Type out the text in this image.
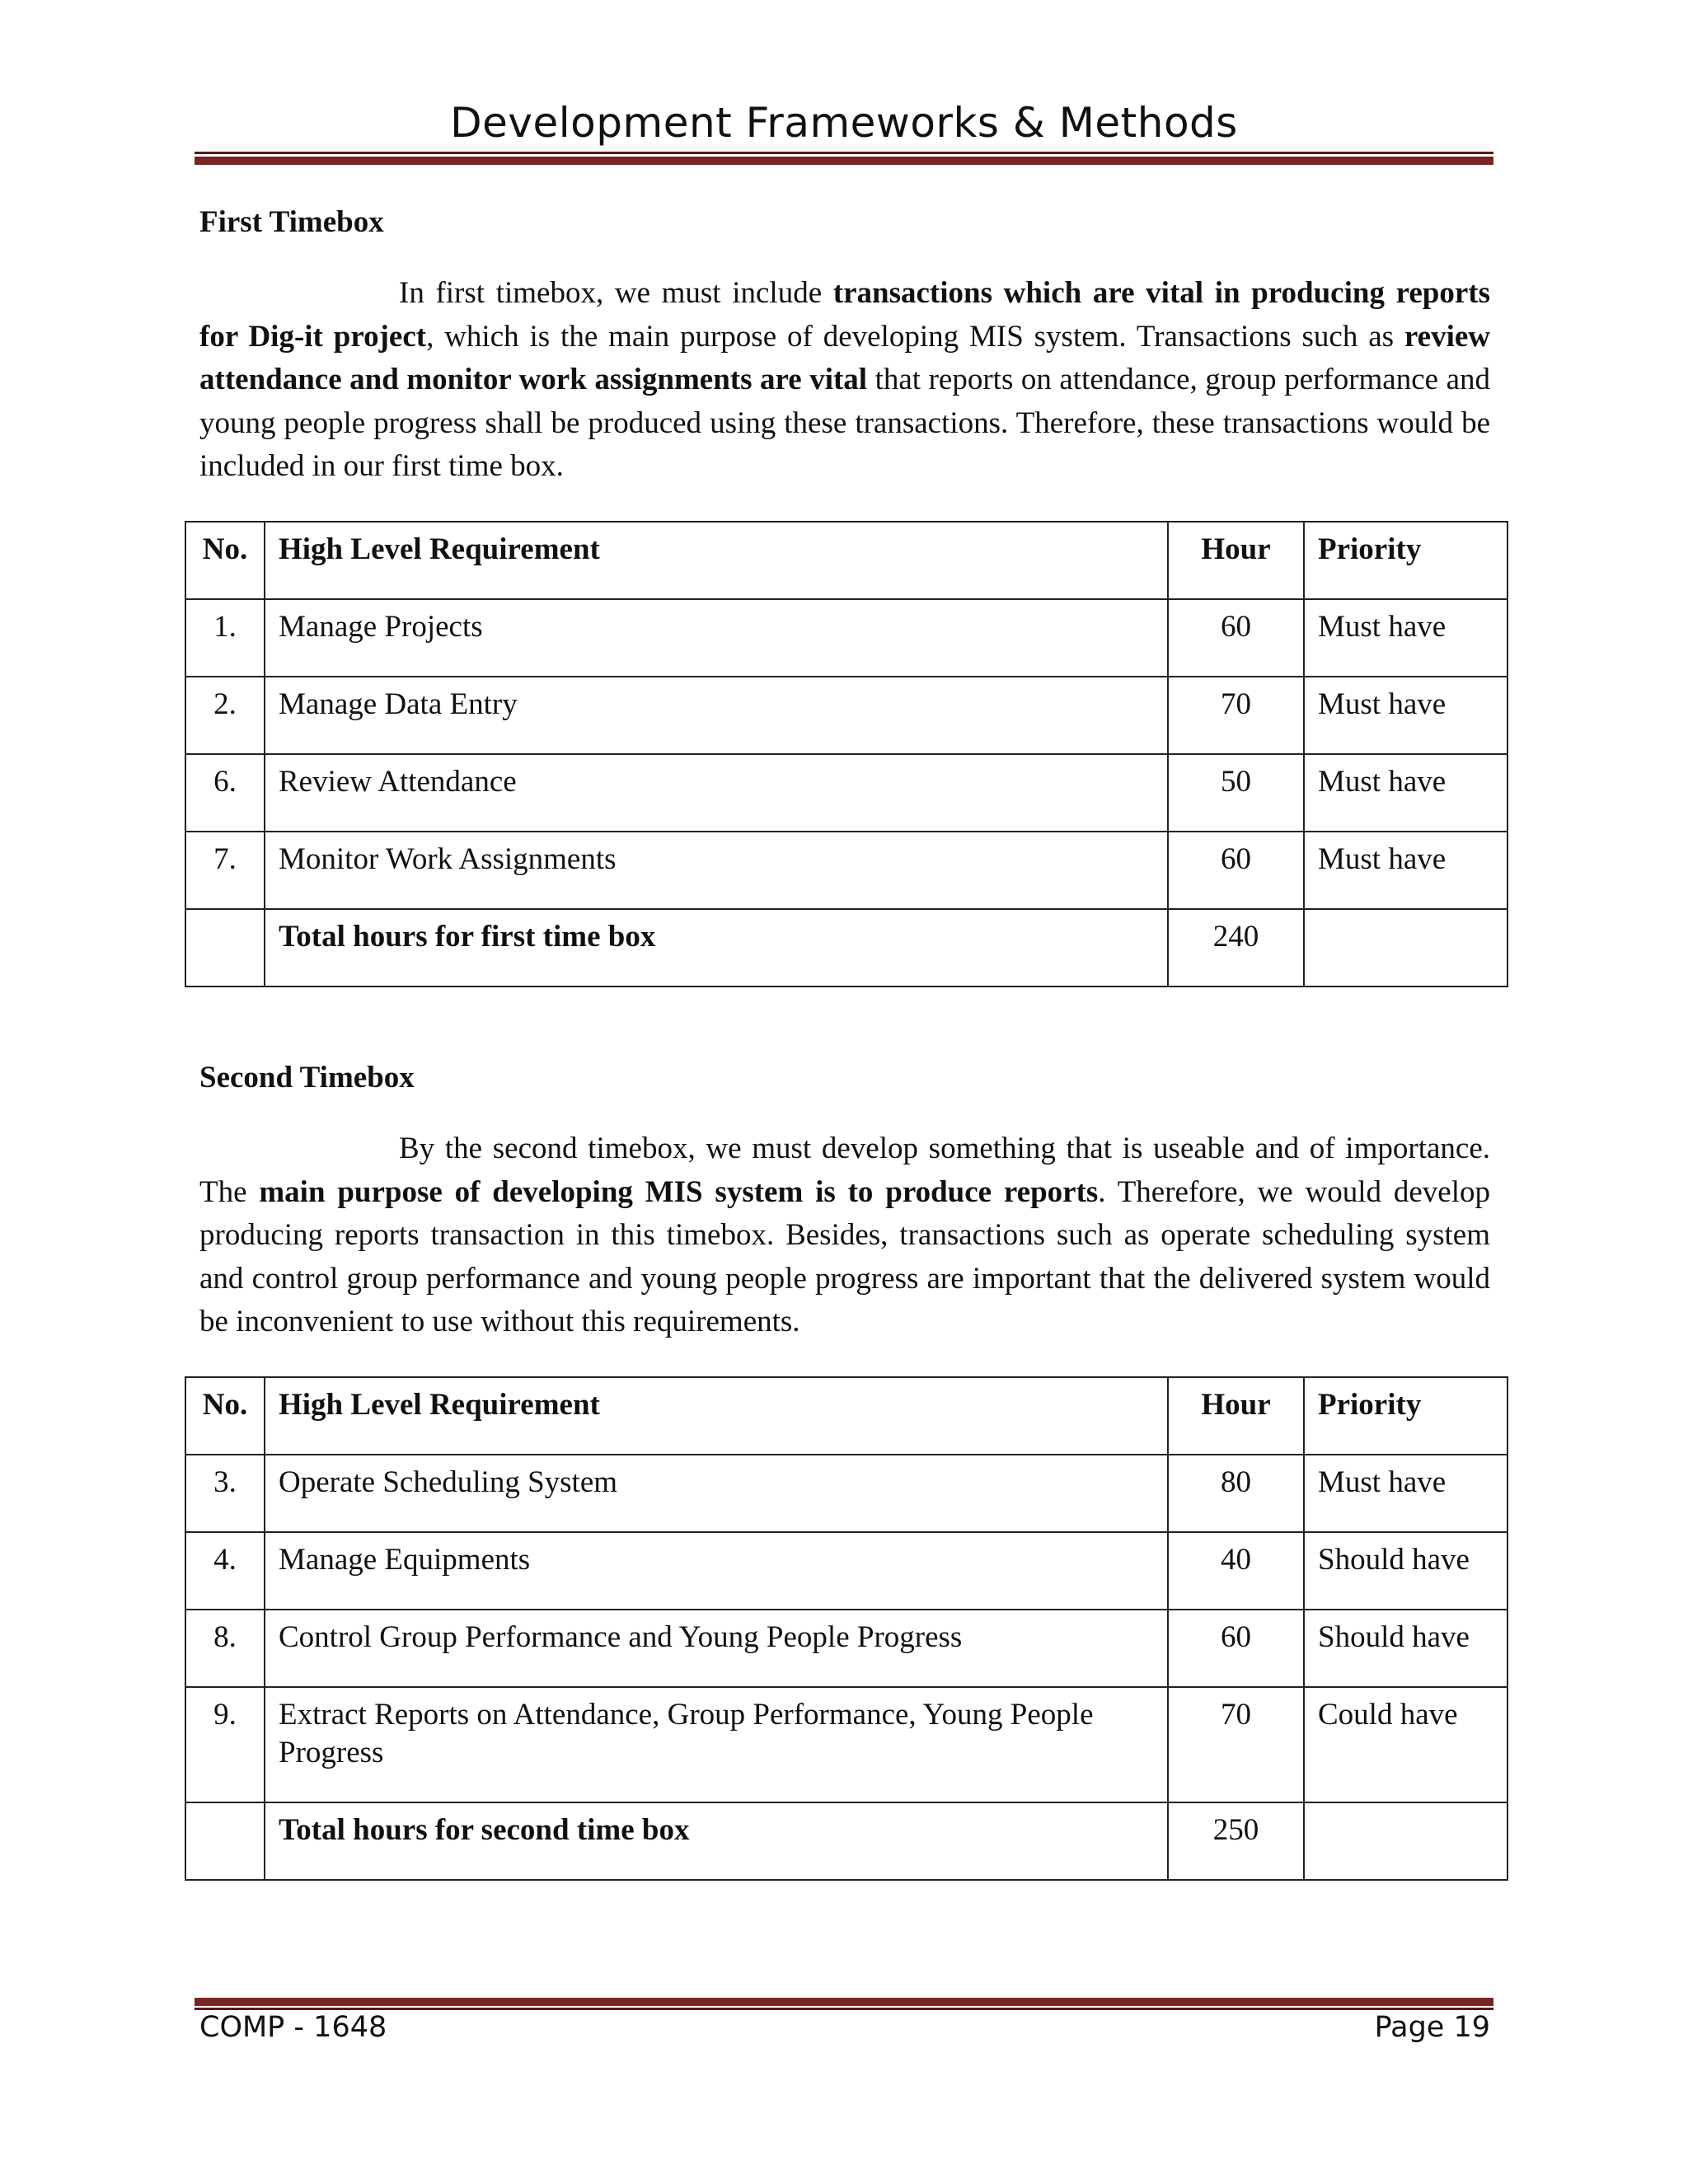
Development Frameworks & Methods
First Timebox
In first timebox, we must include transactions which are vital in producing reports for Dig-it project, which is the main purpose of developing MIS system. Transactions such as review attendance and monitor work assignments are vital that reports on attendance, group performance and young people progress shall be produced using these transactions. Therefore, these transactions would be included in our first time box.
No.	High Level Requirement	Hour	Priority
1.	Manage Projects	60	Must have
2.	Manage Data Entry	70	Must have
6.	Review Attendance	50	Must have
7.	Monitor Work Assignments	60	Must have
	Total hours for first time box	240	
Second Timebox
By the second timebox, we must develop something that is useable and of importance. The main purpose of developing MIS system is to produce reports. Therefore, we would develop producing reports transaction in this timebox. Besides, transactions such as operate scheduling system and control group performance and young people progress are important that the delivered system would be inconvenient to use without this requirements.
No.	High Level Requirement	Hour	Priority
3.	Operate Scheduling System	80	Must have
4.	Manage Equipments	40	Should have
8.	Control Group Performance and Young People Progress	60	Should have
9.	Extract Reports on Attendance, Group Performance, Young People Progress	70	Could have
	Total hours for second time box	250	
COMP - 1648	Page 19
